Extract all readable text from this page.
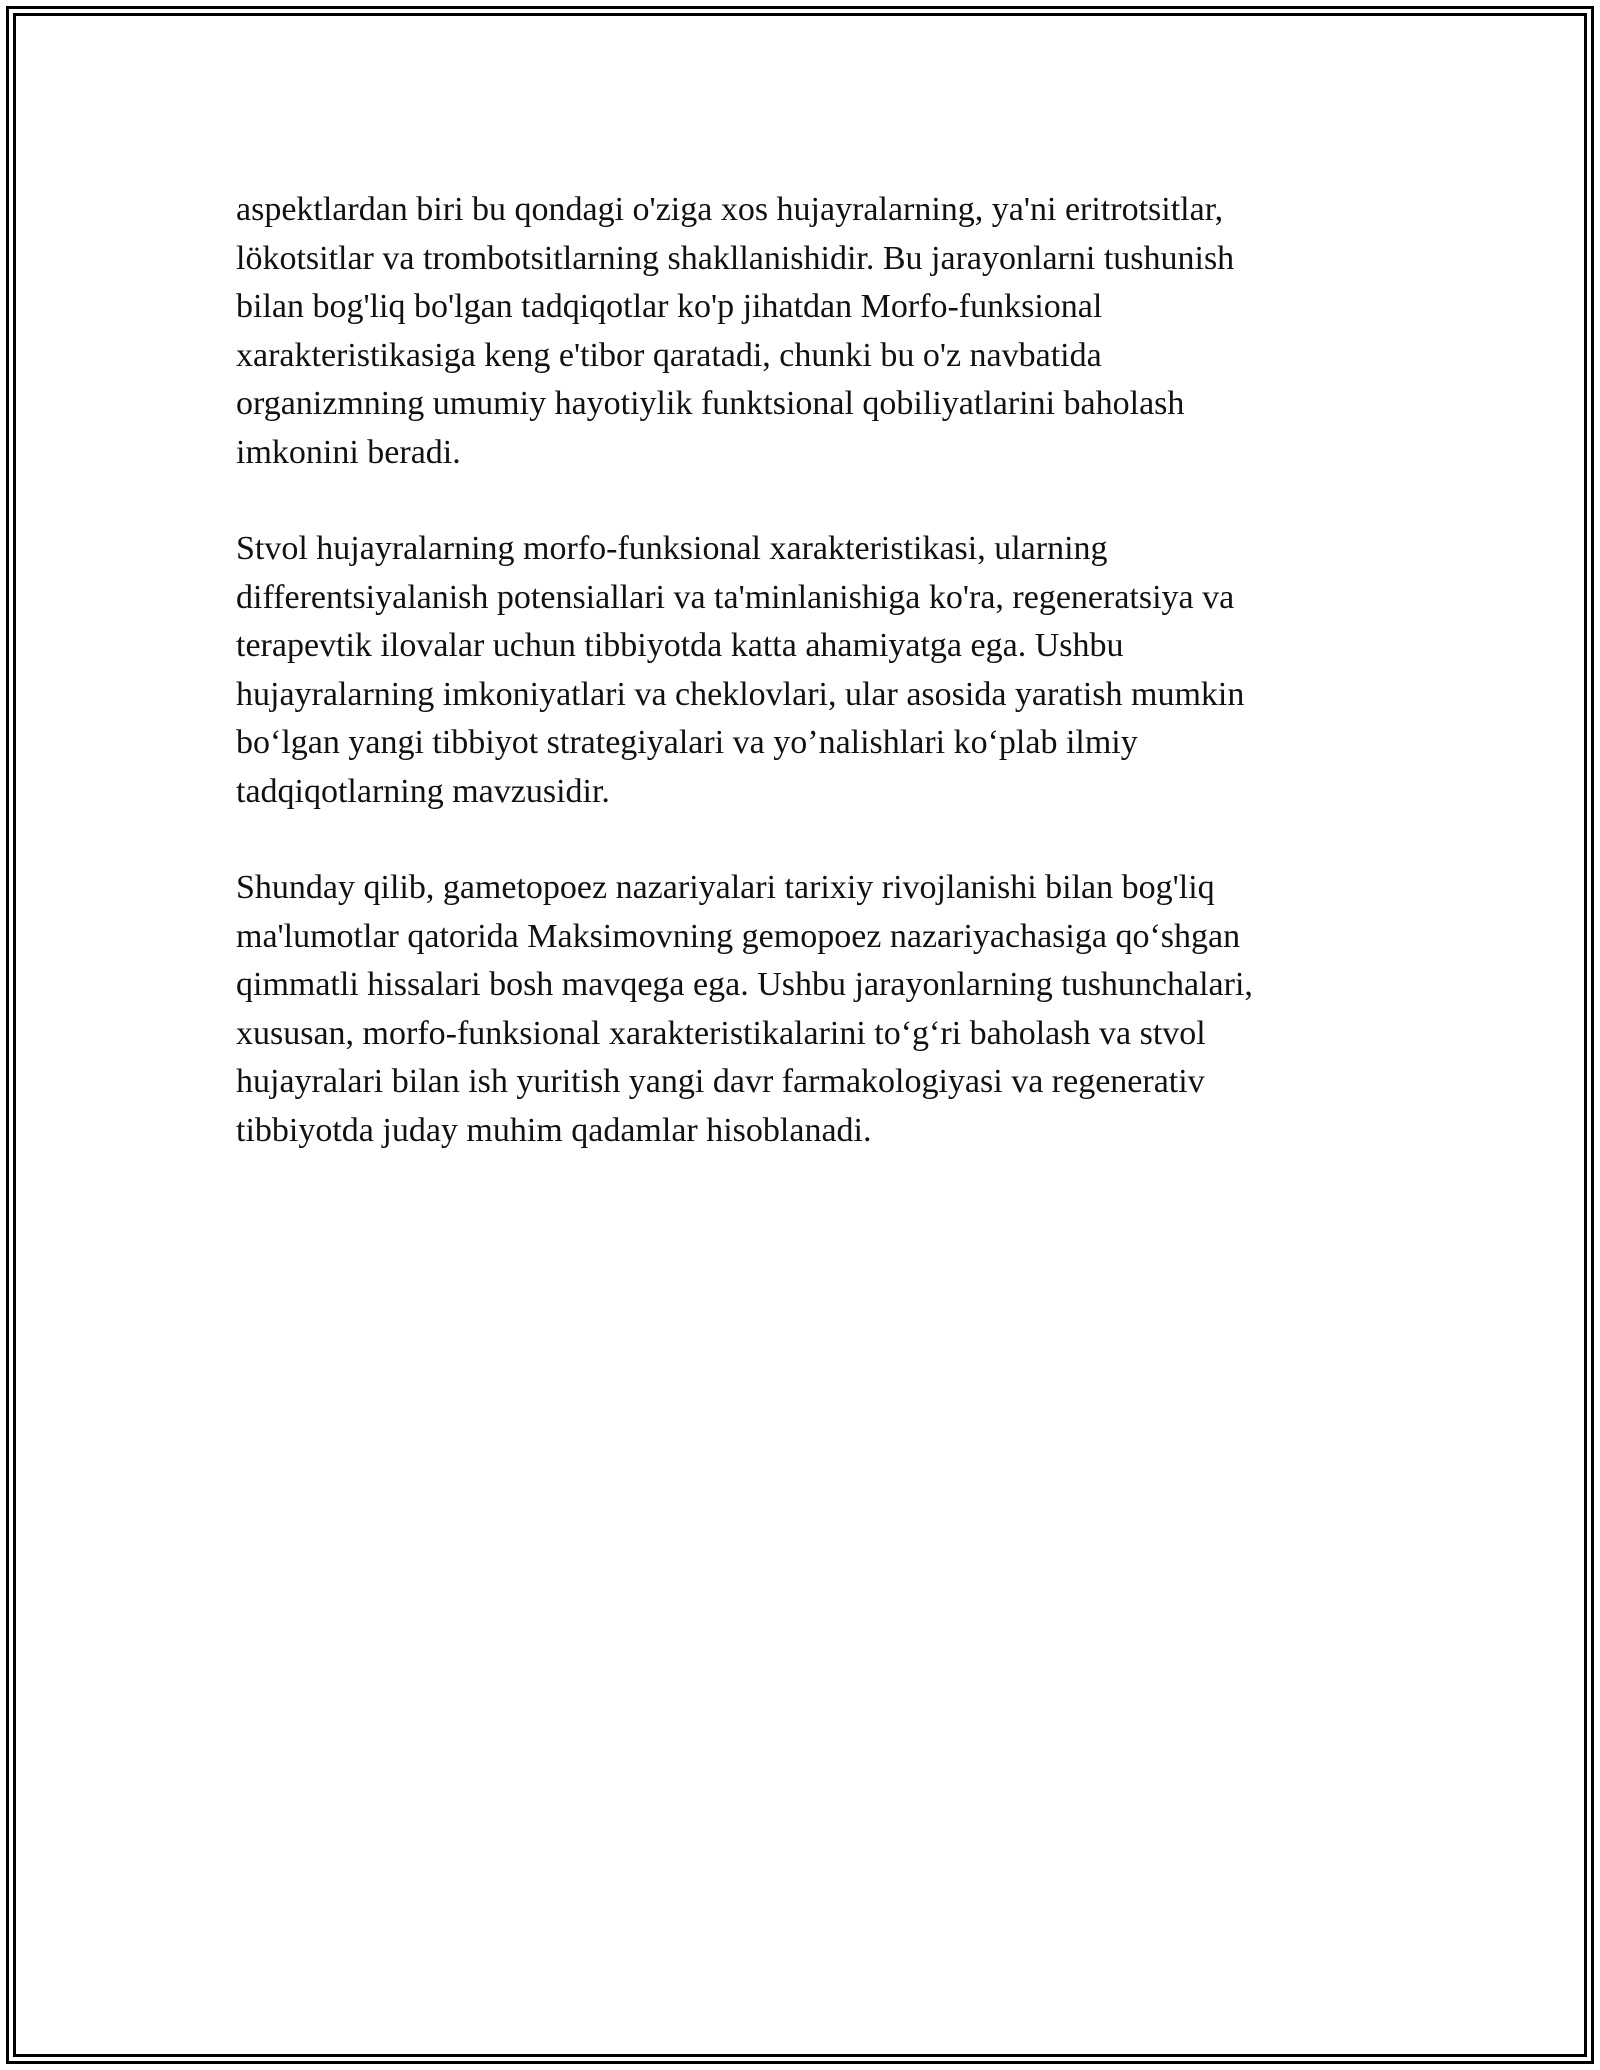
aspektlardan biri bu qondagi o'ziga xos hujayralarning, ya'ni eritrotsitlar,
lökotsitlar va trombotsitlarning shakllanishidir. Bu jarayonlarni tushunish
bilan bog'liq bo'lgan tadqiqotlar ko'p jihatdan Morfo-funksional
xarakteristikasiga keng e'tibor qaratadi, chunki bu o'z navbatida
organizmning umumiy hayotiylik funktsional qobiliyatlarini baholash
imkonini beradi.

Stvol hujayralarning morfo-funksional xarakteristikasi, ularning
differentsiyalanish potensiallari va ta'minlanishiga ko'ra, regeneratsiya va
terapevtik ilovalar uchun tibbiyotda katta ahamiyatga ega. Ushbu
hujayralarning imkoniyatlari va cheklovlari, ular asosida yaratish mumkin
bo‘lgan yangi tibbiyot strategiyalari va yo’nalishlari ko‘plab ilmiy
tadqiqotlarning mavzusidir.

Shunday qilib, gametopoez nazariyalari tarixiy rivojlanishi bilan bog'liq
ma'lumotlar qatorida Maksimovning gemopoez nazariyachasiga qo‘shgan
qimmatli hissalari bosh mavqega ega. Ushbu jarayonlarning tushunchalari,
xususan, morfo-funksional xarakteristikalarini to‘g‘ri baholash va stvol
hujayralari bilan ish yuritish yangi davr farmakologiyasi va regenerativ
tibbiyotda juday muhim qadamlar hisoblanadi.
